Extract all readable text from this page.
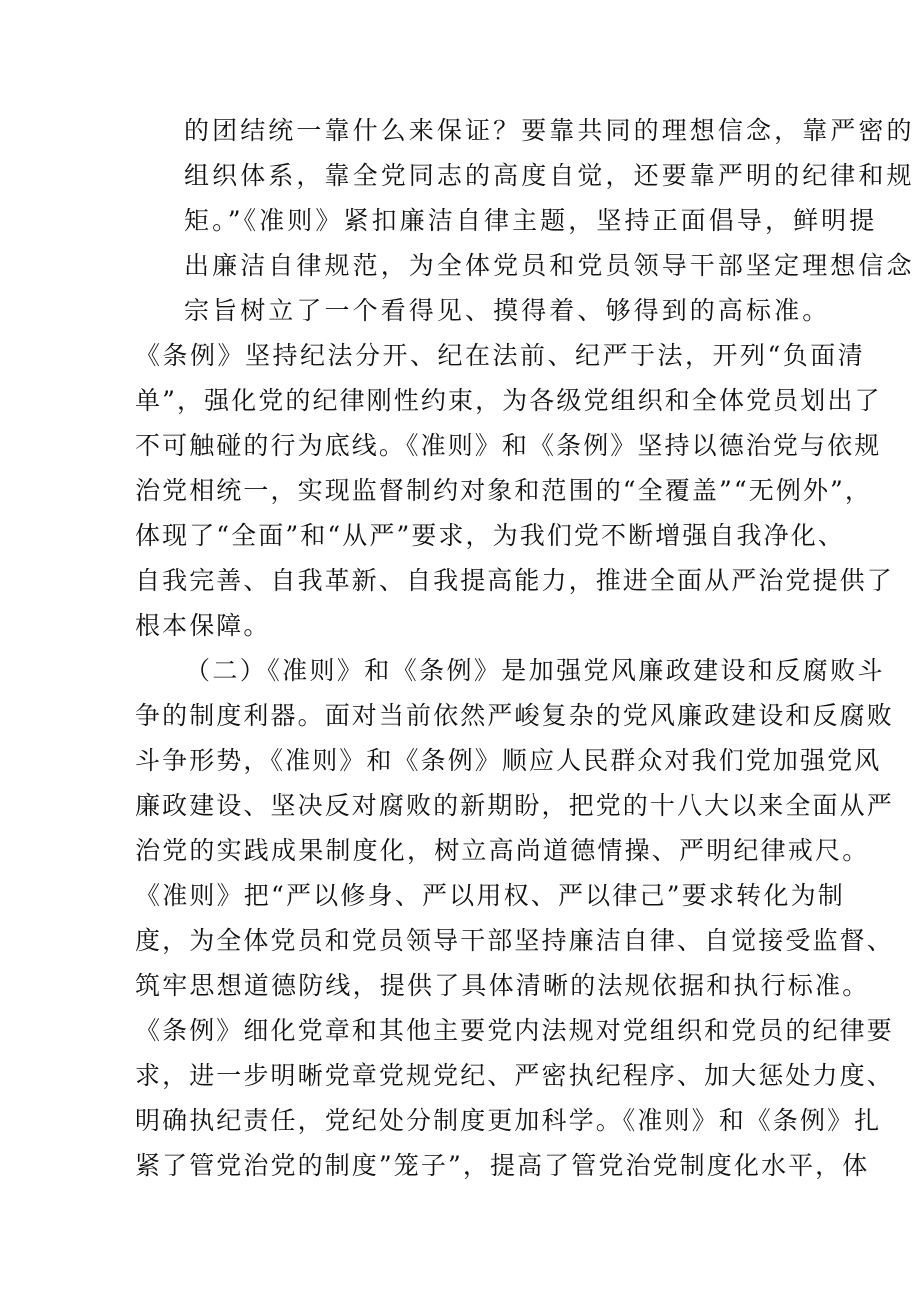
的团结统一靠什么来保证？要靠共同的理想信念，靠严密的
组织体系，靠全党同志的高度自觉，还要靠严明的纪律和规
矩。”《准则》紧扣廉洁自律主题，坚持正面倡导，鲜明提
出廉洁自律规范，为全体党员和党员领导干部坚定理想信念
宗旨树立了一个看得见、摸得着、够得到的高标准。
《条例》坚持纪法分开、纪在法前、纪严于法，开列“负面清
单”，强化党的纪律刚性约束，为各级党组织和全体党员划出了
不可触碰的行为底线。《准则》和《条例》坚持以德治党与依规
治党相统一，实现监督制约对象和范围的“全覆盖”“无例外”，
体现了“全面”和“从严”要求，为我们党不断增强自我净化、
自我完善、自我革新、自我提高能力，推进全面从严治党提供了
根本保障。
（二）《准则》和《条例》是加强党风廉政建设和反腐败斗
争的制度利器。面对当前依然严峻复杂的党风廉政建设和反腐败
斗争形势，《准则》和《条例》顺应人民群众对我们党加强党风
廉政建设、坚决反对腐败的新期盼，把党的十八大以来全面从严
治党的实践成果制度化，树立高尚道德情操、严明纪律戒尺。
《准则》把“严以修身、严以用权、严以律己”要求转化为制
度，为全体党员和党员领导干部坚持廉洁自律、自觉接受监督、
筑牢思想道德防线，提供了具体清晰的法规依据和执行标准。
《条例》细化党章和其他主要党内法规对党组织和党员的纪律要
求，进一步明晰党章党规党纪、严密执纪程序、加大惩处力度、
明确执纪责任，党纪处分制度更加科学。《准则》和《条例》扎
紧了管党治党的制度”笼子”，提高了管党治党制度化水平，体
